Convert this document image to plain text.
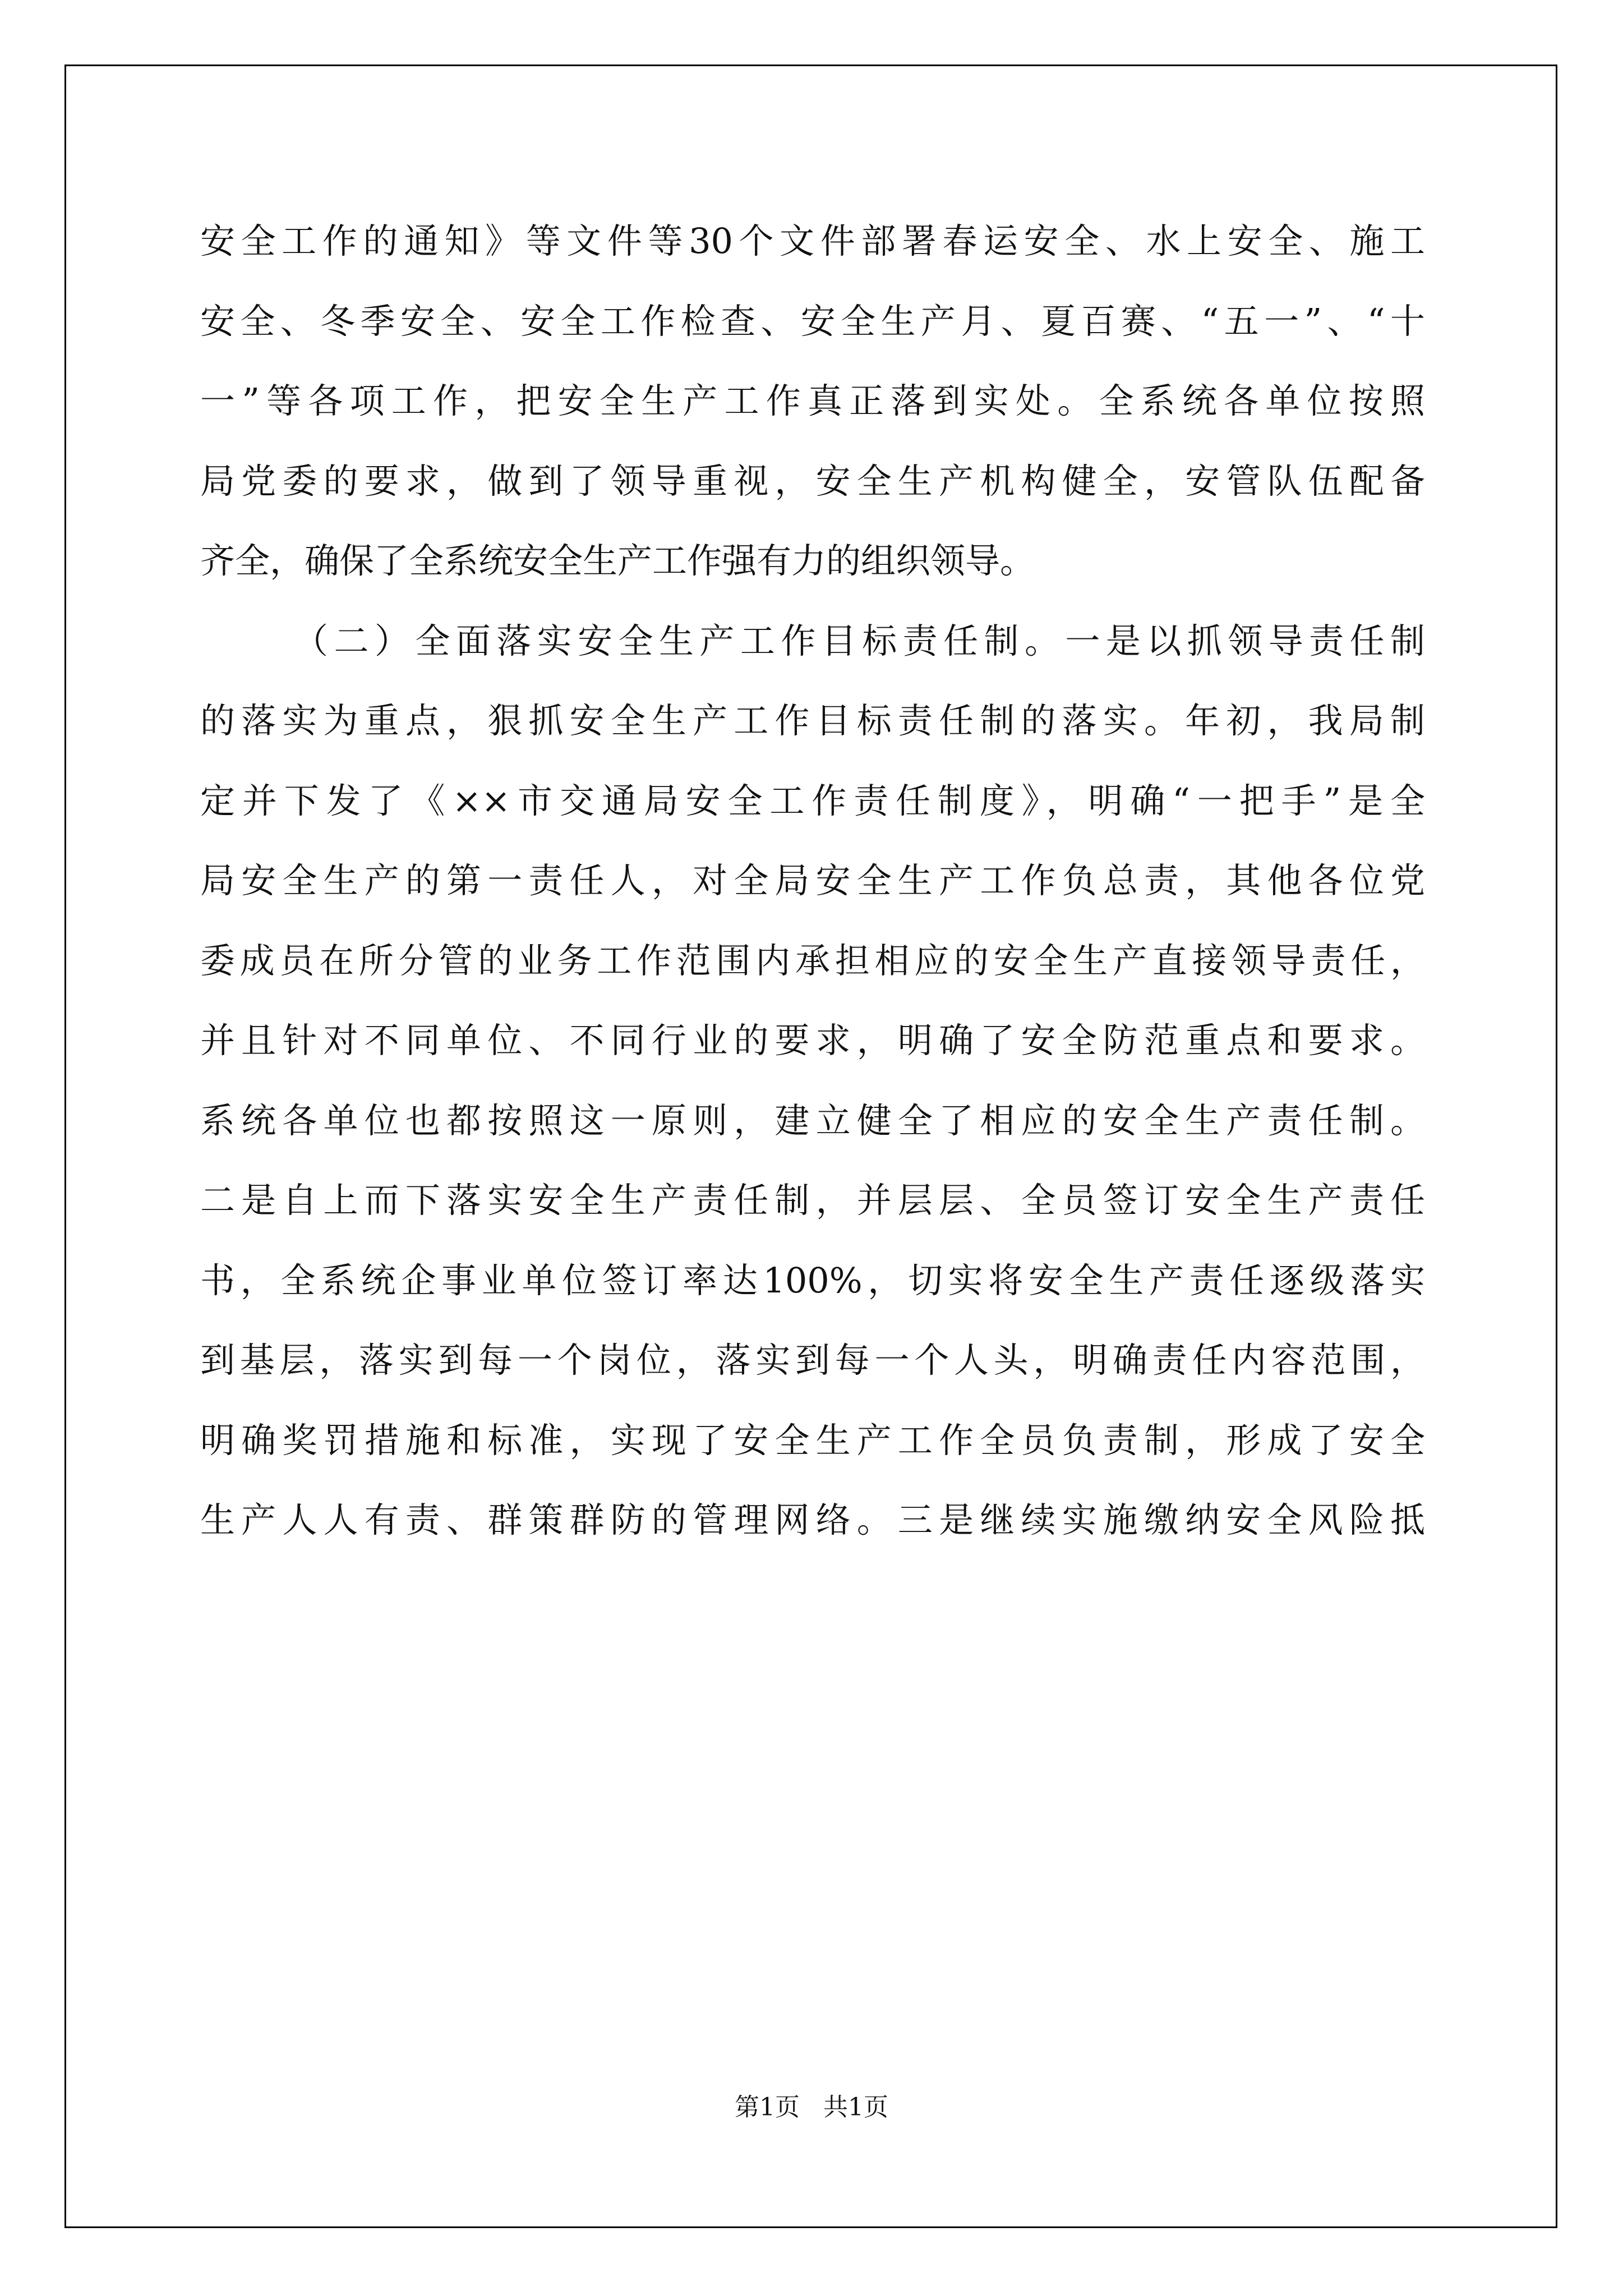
安全工作的通知》等文件等30个文件部署春运安全、水上安全、施工
安全、冬季安全、安全工作检查、安全生产月、夏百赛、“五一”、“十
一”等各项工作，把安全生产工作真正落到实处。全系统各单位按照
局党委的要求，做到了领导重视，安全生产机构健全，安管队伍配备
齐全，确保了全系统安全生产工作强有力的组织领导。
（二）全面落实安全生产工作目标责任制。一是以抓领导责任制
的落实为重点，狠抓安全生产工作目标责任制的落实。年初，我局制
定并下发了《××市交通局安全工作责任制度》，明确“一把手”是全
局安全生产的第一责任人，对全局安全生产工作负总责，其他各位党
委成员在所分管的业务工作范围内承担相应的安全生产直接领导责任，
并且针对不同单位、不同行业的要求，明确了安全防范重点和要求。
系统各单位也都按照这一原则，建立健全了相应的安全生产责任制。
二是自上而下落实安全生产责任制，并层层、全员签订安全生产责任
书，全系统企事业单位签订率达100%，切实将安全生产责任逐级落实
到基层，落实到每一个岗位，落实到每一个人头，明确责任内容范围，
明确奖罚措施和标准，实现了安全生产工作全员负责制，形成了安全
生产人人有责、群策群防的管理网络。三是继续实施缴纳安全风险抵
第1页 共1页
